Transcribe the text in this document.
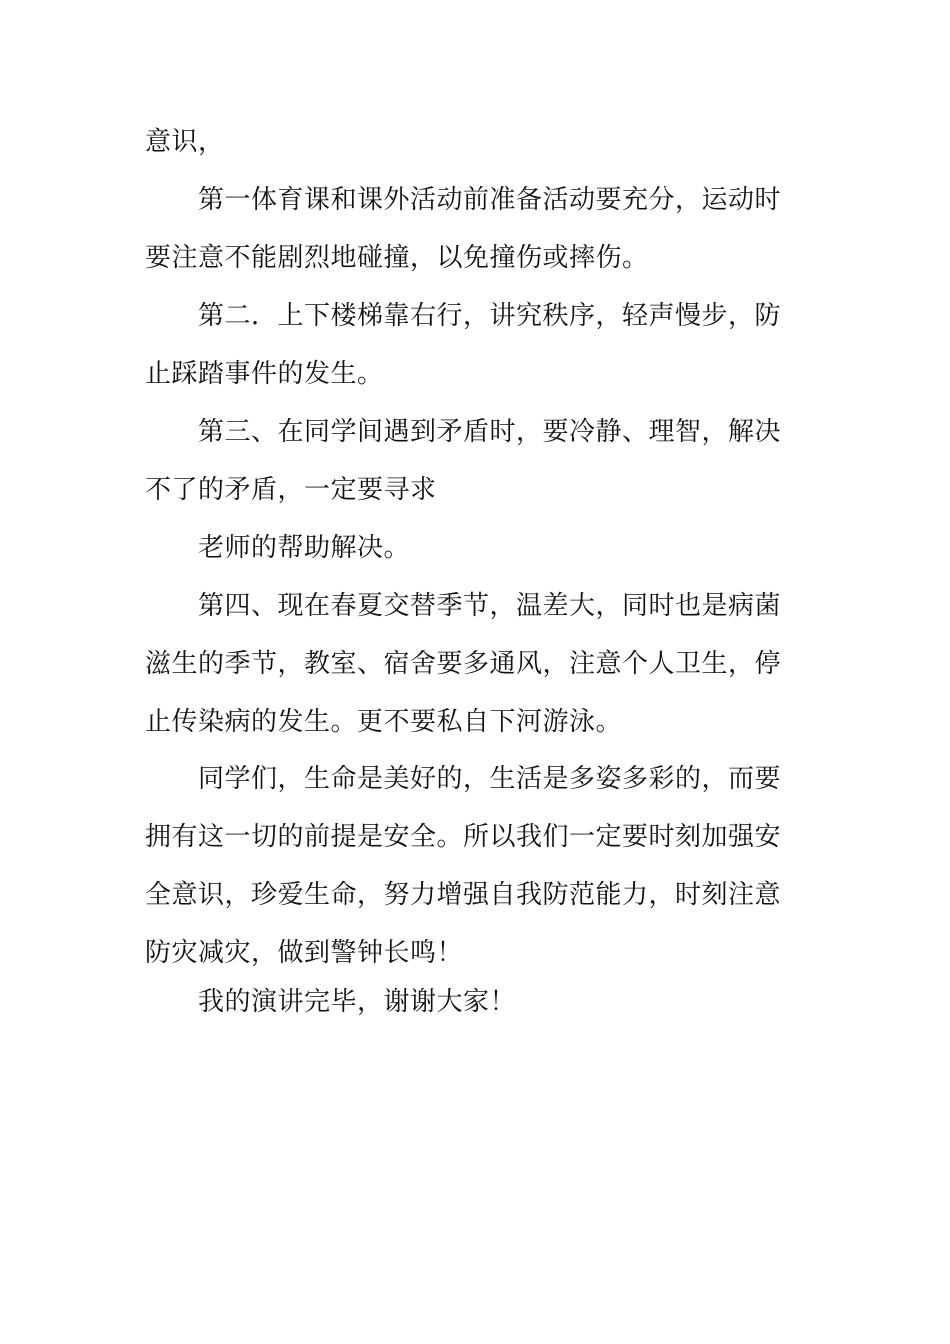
意识，

第一体育课和课外活动前准备活动要充分，运动时要注意不能剧烈地碰撞，以免撞伤或摔伤。

第二．上下楼梯靠右行，讲究秩序，轻声慢步，防止踩踏事件的发生。

第三、在同学间遇到矛盾时，要冷静、理智，解决不了的矛盾，一定要寻求

老师的帮助解决。

第四、现在春夏交替季节，温差大，同时也是病菌滋生的季节，教室、宿舍要多通风，注意个人卫生，停止传染病的发生。更不要私自下河游泳。

同学们，生命是美好的，生活是多姿多彩的，而要拥有这一切的前提是安全。所以我们一定要时刻加强安全意识，珍爱生命，努力增强自我防范能力，时刻注意防灾减灾，做到警钟长鸣！

我的演讲完毕，谢谢大家！
